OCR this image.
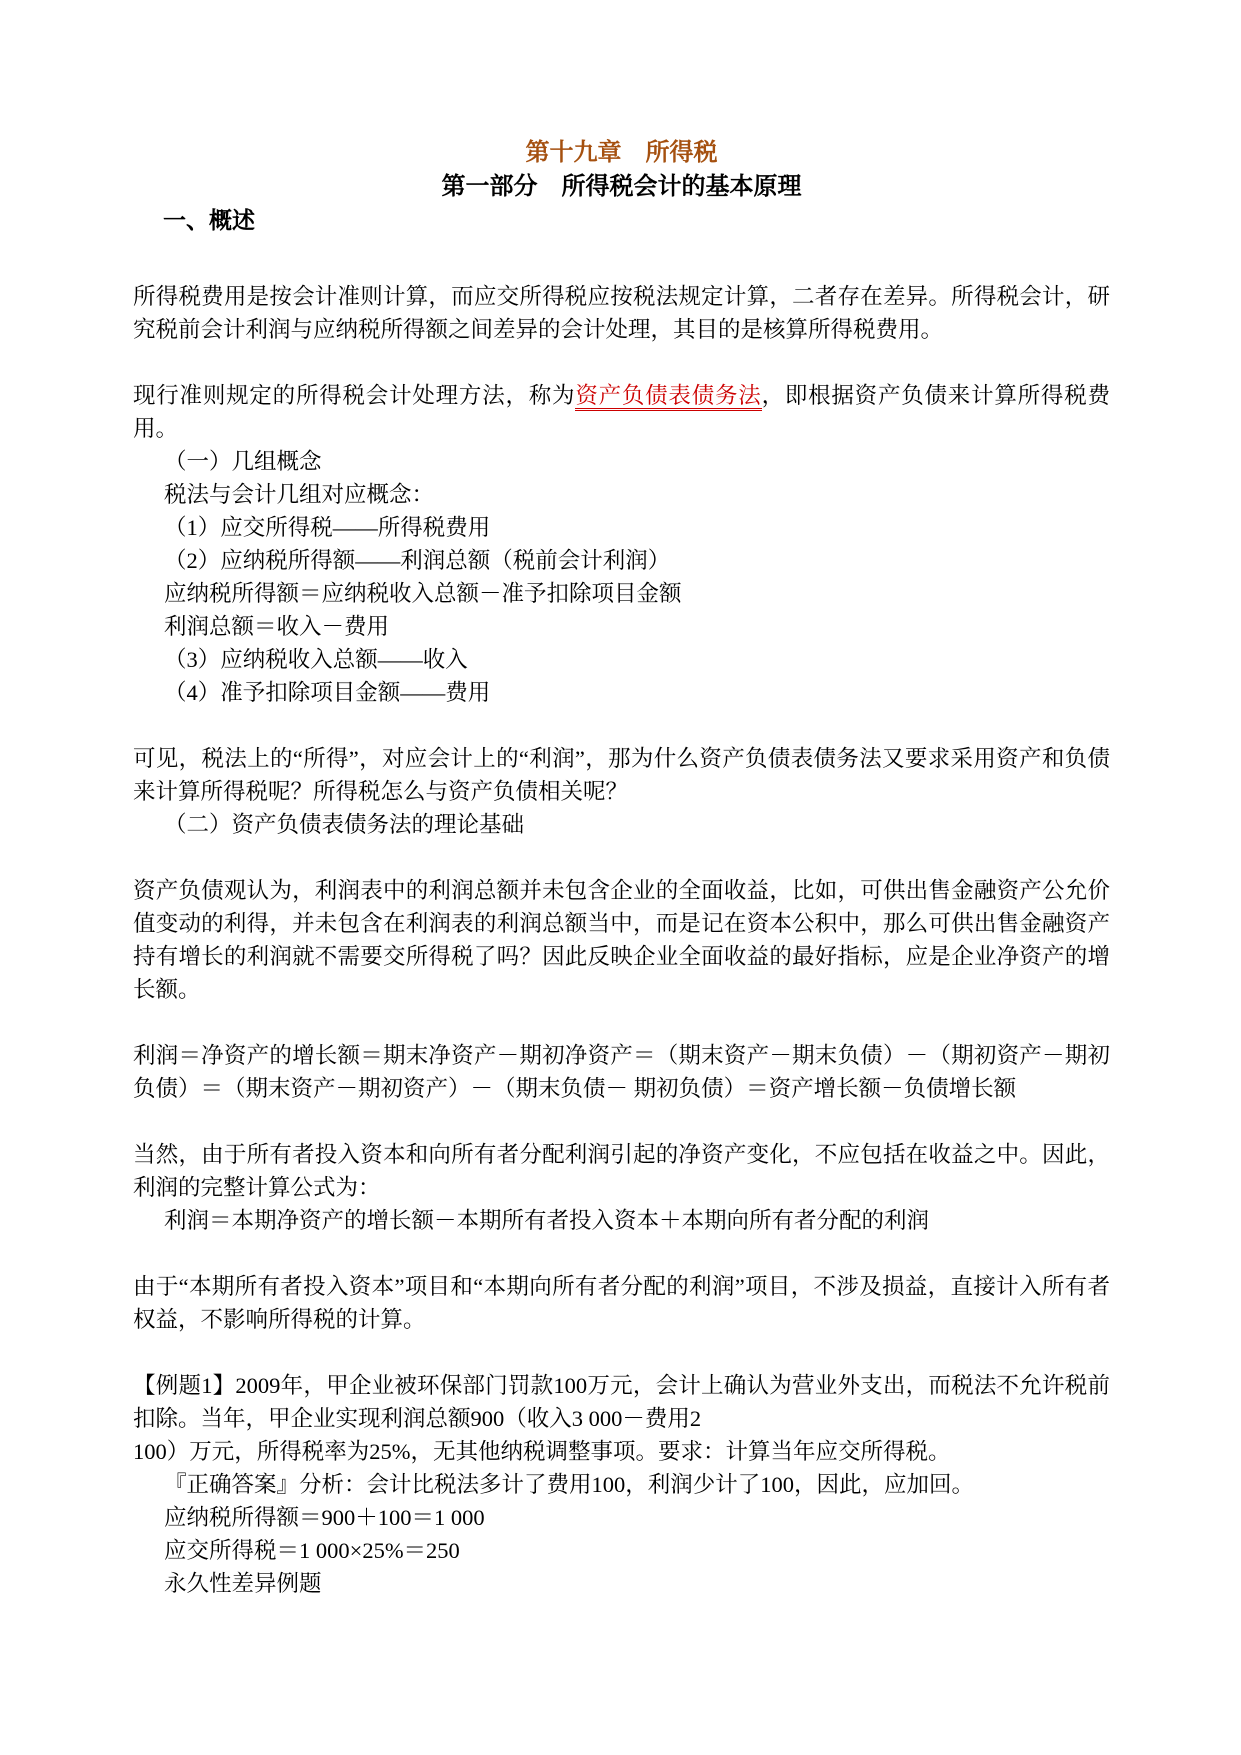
第十九章　所得税
第一部分　所得税会计的基本原理
一、概述

所得税费用是按会计准则计算，而应交所得税应按税法规定计算，二者存在差异。所得税会计，研究税前会计利润与应纳税所得额之间差异的会计处理，其目的是核算所得税费用。

现行准则规定的所得税会计处理方法，称为资产负债表债务法，即根据资产负债来计算所得税费用。

（一）几组概念
税法与会计几组对应概念：
（1）应交所得税——所得税费用
（2）应纳税所得额——利润总额（税前会计利润）
应纳税所得额＝应纳税收入总额－准予扣除项目金额
利润总额＝收入－费用
（3）应纳税收入总额——收入
（4）准予扣除项目金额——费用

可见，税法上的“所得”，对应会计上的“利润”，那为什么资产负债表债务法又要求采用资产和负债来计算所得税呢？所得税怎么与资产负债相关呢？

（二）资产负债表债务法的理论基础

资产负债观认为，利润表中的利润总额并未包含企业的全面收益，比如，可供出售金融资产公允价值变动的利得，并未包含在利润表的利润总额当中，而是记在资本公积中，那么可供出售金融资产持有增长的利润就不需要交所得税了吗？因此反映企业全面收益的最好指标，应是企业净资产的增长额。

利润＝净资产的增长额＝期末净资产－期初净资产＝（期末资产－期末负债）－（期初资产－期初负债）＝（期末资产－期初资产）－（期末负债－ 期初负债）＝资产增长额－负债增长额

当然，由于所有者投入资本和向所有者分配利润引起的净资产变化，不应包括在收益之中。因此，利润的完整计算公式为：

利润＝本期净资产的增长额－本期所有者投入资本＋本期向所有者分配的利润

由于“本期所有者投入资本”项目和“本期向所有者分配的利润”项目，不涉及损益，直接计入所有者权益，不影响所得税的计算。

【例题1】2009年，甲企业被环保部门罚款100万元，会计上确认为营业外支出，而税法不允许税前扣除。当年，甲企业实现利润总额900（收入3 000－费用2
100）万元，所得税率为25%，无其他纳税调整事项。要求：计算当年应交所得税。

『正确答案』分析：会计比税法多计了费用100，利润少计了100，因此，应加回。
应纳税所得额＝900＋100＝1 000
应交所得税＝1 000×25%＝250
永久性差异例题
